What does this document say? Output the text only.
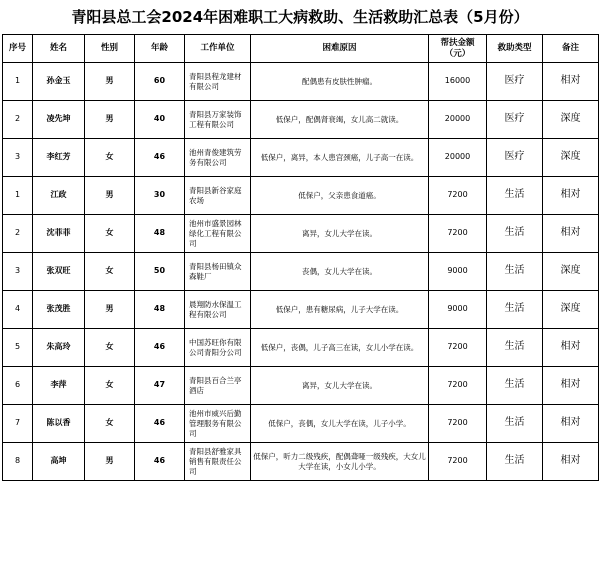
青阳县总工会2024年困难职工大病救助、生活救助汇总表（5月份）
序号	姓名	性别	年龄	工作单位	困难原因	帮扶金额（元）	救助类型	备注
1	孙金玉	男	60	青阳县程龙建材有限公司	配偶患有皮肤性肿瘤。	16000	医疗	相对
2	凌先坤	男	40	青阳县万家装饰工程有限公司	低保户，配偶肾衰竭，女儿高二就读。	20000	医疗	深度
3	李红芳	女	46	池州青俊建筑劳务有限公司	低保户，离异，本人患宫颈癌，儿子高一在读。	20000	医疗	深度
1	江政	男	30	青阳县新谷家庭农场	低保户，父亲患食道癌。	7200	生活	相对
2	沈菲菲	女	48	池州市盛景园林绿化工程有限公司	离异，女儿大学在读。	7200	生活	相对
3	张双旺	女	50	青阳县杨田镇众森鞋厂	丧偶，女儿大学在读。	9000	生活	深度
4	张茂胜	男	48	晨翔防水保温工程有限公司	低保户，患有糖尿病，儿子大学在读。	9000	生活	深度
5	朱高玲	女	46	中国苏旺你有限公司青阳分公司	低保户，丧偶，儿子高三在读，女儿小学在读。	7200	生活	相对
6	李萍	女	47	青阳县百合兰亭酒店	离异，女儿大学在读。	7200	生活	相对
7	陈以香	女	46	池州市威兴后勤管理服务有限公司	低保户，丧偶，女儿大学在读，儿子小学。	7200	生活	相对
8	高坤	男	46	青阳县舒雅家具销售有限责任公司	低保户，听力二级残疾，配偶聋哑一级残疾，大女儿大学在读，小女儿小学。	7200	生活	相对
